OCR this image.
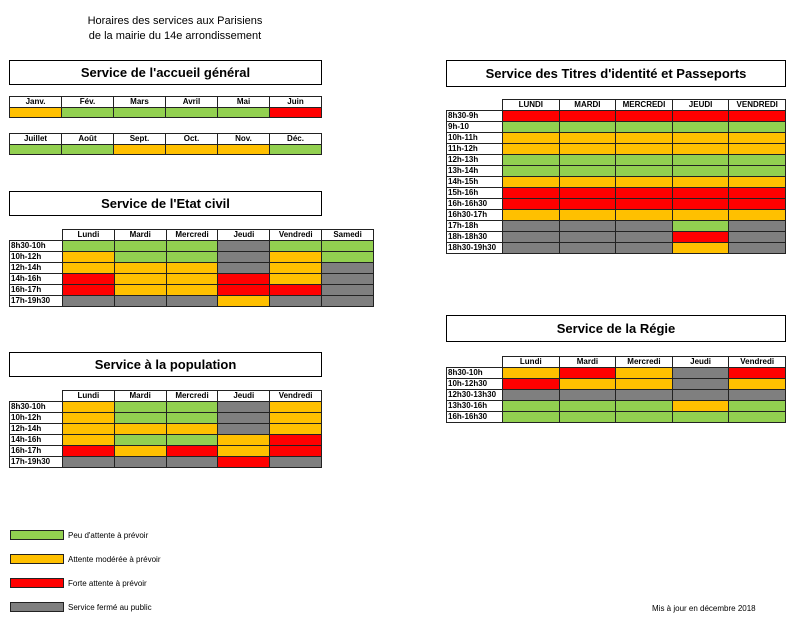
Horaires des services aux Parisiens
de la mairie du 14e arrondissement
Service de l'accueil général
Janv.	Fév.	Mars	Avril	Mai	Juin

Juillet	Août	Sept.	Oct.	Nov.	Déc.

Service de l'Etat civil
	Lundi	Mardi	Mercredi	Jeudi	Vendredi	Samedi
8h30-10h						
10h-12h						
12h-14h						
14h-16h						
16h-17h						
17h-19h30						
Service à la population
	Lundi	Mardi	Mercredi	Jeudi	Vendredi
8h30-10h					
10h-12h					
12h-14h					
14h-16h					
16h-17h					
17h-19h30					
Service des Titres d'identité et Passeports
	LUNDI	MARDI	MERCREDI	JEUDI	VENDREDI
8h30-9h					
9h-10					
10h-11h					
11h-12h					
12h-13h					
13h-14h					
14h-15h					
15h-16h					
16h-16h30					
16h30-17h					
17h-18h					
18h-18h30					
18h30-19h30					
Service de la Régie
	Lundi	Mardi	Mercredi	Jeudi	Vendredi
8h30-10h					
10h-12h30					
12h30-13h30					
13h30-16h					
16h-16h30					
Peu d'attente à prévoir
Attente modérée à prévoir
Forte attente à prévoir
Service fermé au public	Mis à jour en décembre 2018
